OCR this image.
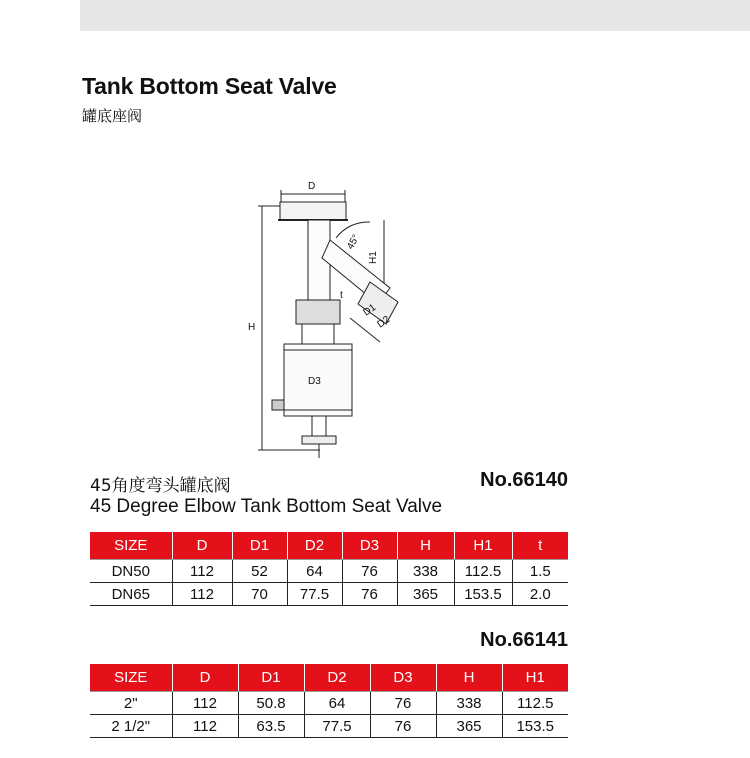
Tank Bottom Seat Valve
罐底座阀
D
H
H1
45°
D1
D2
t
D3
45角度弯头罐底阀	No.66140
45 Degree Elbow Tank Bottom Seat Valve
SIZE	D	D1	D2	D3	H	H1	t
DN50	112	52	64	76	338	112.5	1.5
DN65	112	70	77.5	76	365	153.5	2.0
No.66141
SIZE	D	D1	D2	D3	H	H1
2"	112	50.8	64	76	338	112.5
2 1/2"	112	63.5	77.5	76	365	153.5
